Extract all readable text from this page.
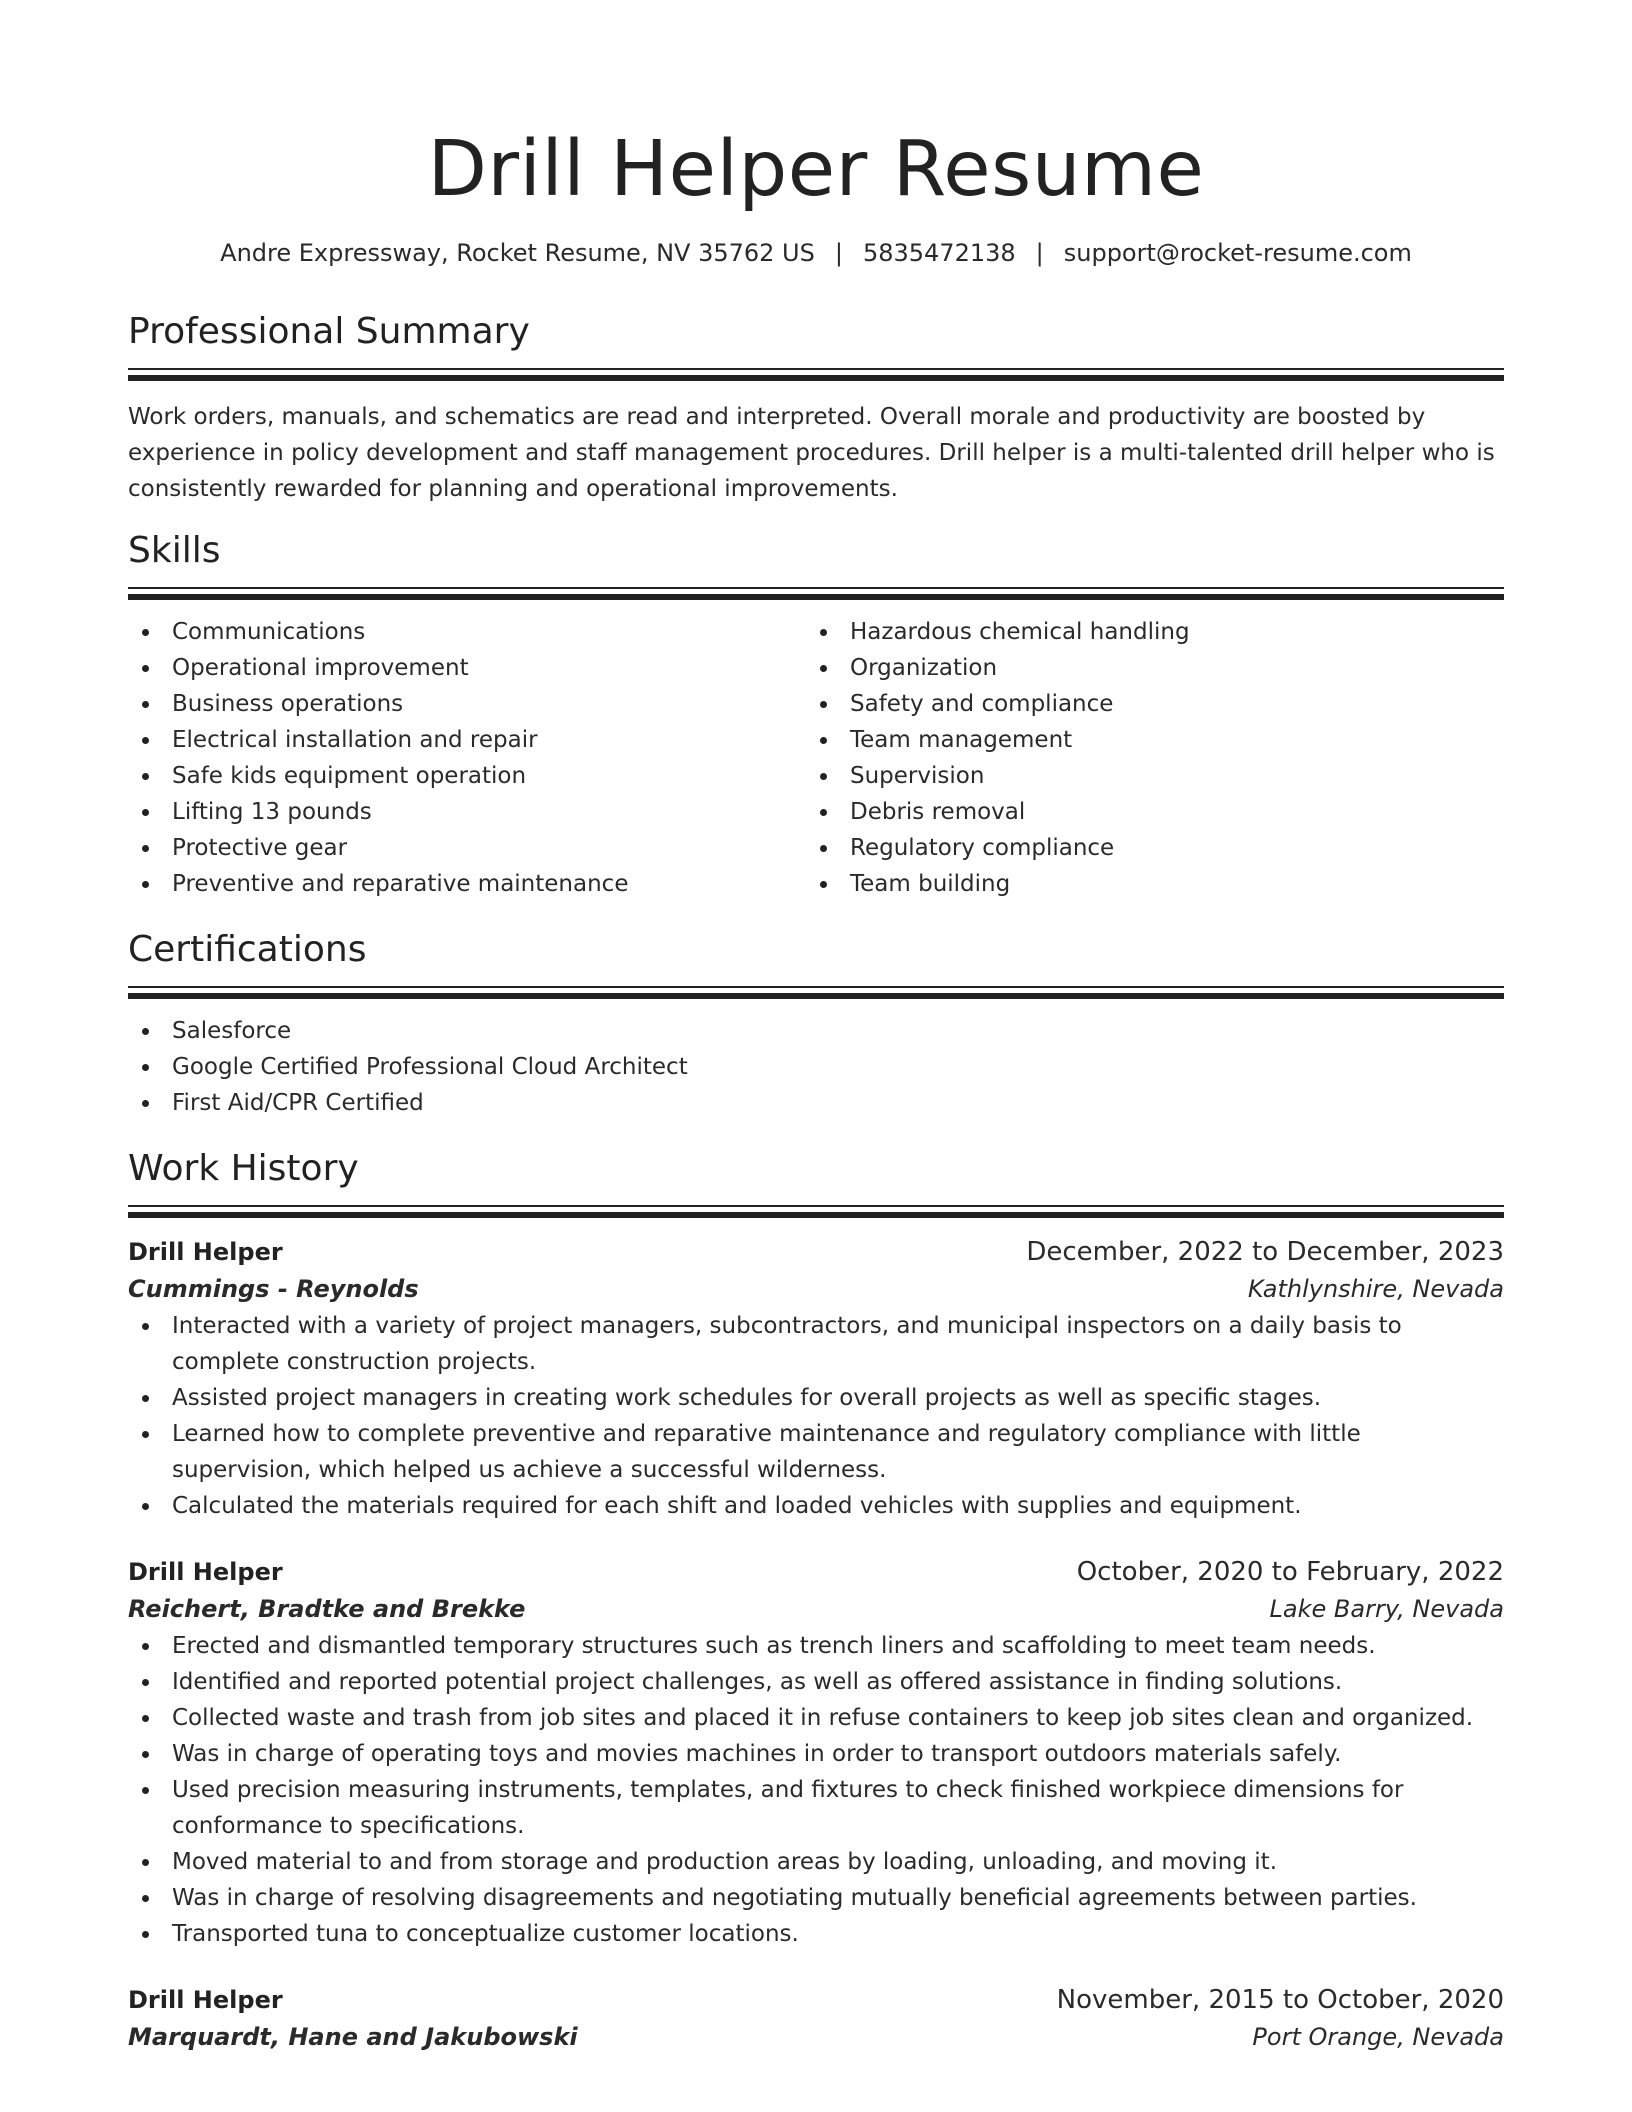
Drill Helper Resume
Andre Expressway, Rocket Resume, NV 35762 US | 5835472138 | support@rocket-resume.com
Professional Summary

Work orders, manuals, and schematics are read and interpreted. Overall morale and productivity are boosted by experience in policy development and staff management procedures. Drill helper is a multi-talented drill helper who is consistently rewarded for planning and operational improvements.

Skills
Communications
Operational improvement
Business operations
Electrical installation and repair
Safe kids equipment operation
Lifting 13 pounds
Protective gear
Preventive and reparative maintenance
Hazardous chemical handling
Organization
Safety and compliance
Team management
Supervision
Debris removal
Regulatory compliance
Team building
Certifications
Salesforce
Google Certified Professional Cloud Architect
First Aid/CPR Certified
Work History
Drill Helper	December, 2022 to December, 2023
Cummings - Reynolds	Kathlynshire, Nevada
Interacted with a variety of project managers, subcontractors, and municipal inspectors on a daily basis to complete construction projects.
Assisted project managers in creating work schedules for overall projects as well as specific stages.
Learned how to complete preventive and reparative maintenance and regulatory compliance with little supervision, which helped us achieve a successful wilderness.
Calculated the materials required for each shift and loaded vehicles with supplies and equipment.
Drill Helper	October, 2020 to February, 2022
Reichert, Bradtke and Brekke	Lake Barry, Nevada
Erected and dismantled temporary structures such as trench liners and scaffolding to meet team needs.
Identified and reported potential project challenges, as well as offered assistance in finding solutions.
Collected waste and trash from job sites and placed it in refuse containers to keep job sites clean and organized.
Was in charge of operating toys and movies machines in order to transport outdoors materials safely.
Used precision measuring instruments, templates, and fixtures to check finished workpiece dimensions for conformance to specifications.
Moved material to and from storage and production areas by loading, unloading, and moving it.
Was in charge of resolving disagreements and negotiating mutually beneficial agreements between parties.
Transported tuna to conceptualize customer locations.
Drill Helper	November, 2015 to October, 2020
Marquardt, Hane and Jakubowski	Port Orange, Nevada
